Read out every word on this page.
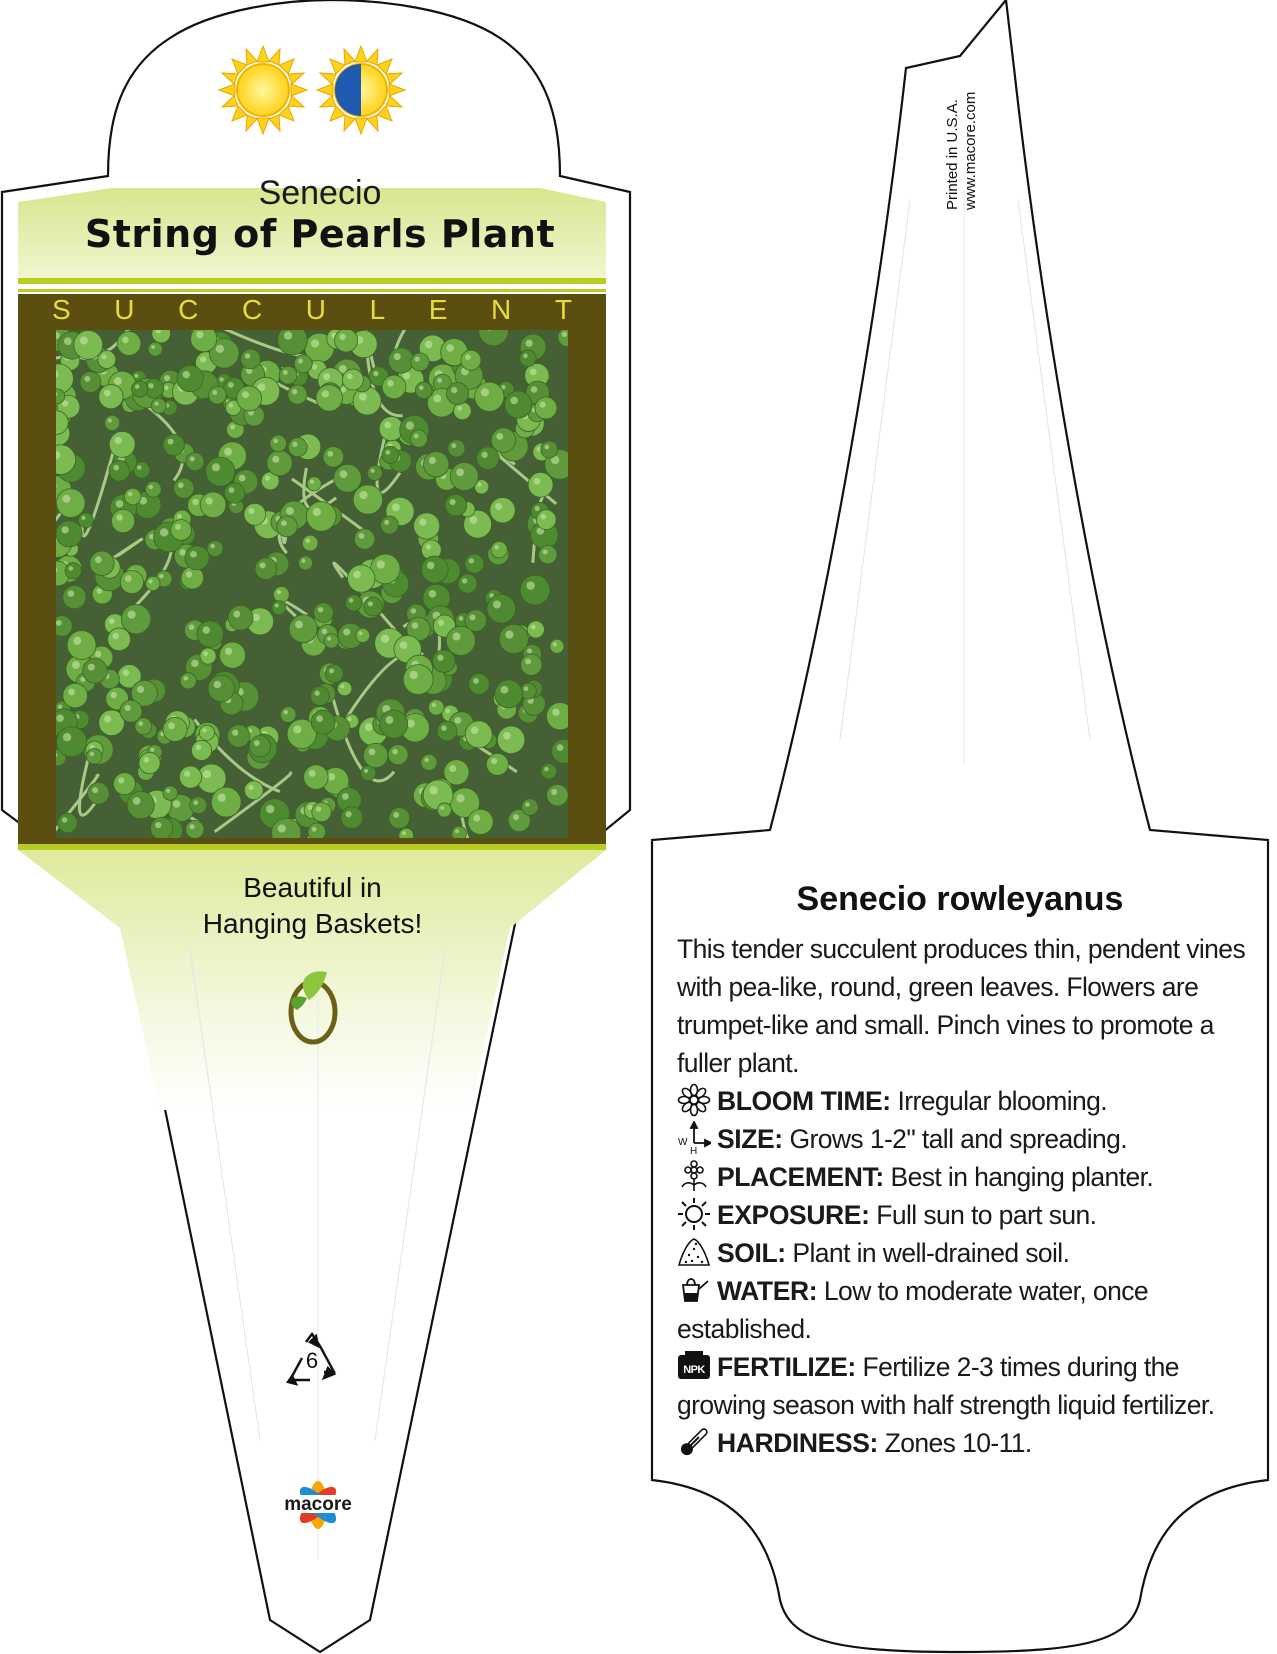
Senecio
String of Pearls Plant
S U C C U L E N T
Beautiful in
Hanging Baskets!
6
macore
Printed in U.S.A. www.macore.com
Senecio rowleyanus
This tender succulent produces thin, pendent vines with pea-like, round, green leaves. Flowers are trumpet-like and small. Pinch vines to promote a fuller plant.
BLOOM TIME: Irregular blooming.
W
H SIZE: Grows 1-2" tall and spreading.
PLACEMENT: Best in hanging planter.
EXPOSURE: Full sun to part sun.
SOIL: Plant in well-drained soil.
WATER: Low to moderate water, once established.
NPK FERTILIZE: Fertilize 2-3 times during the growing season with half strength liquid fertilizer.
HARDINESS: Zones 10-11.
